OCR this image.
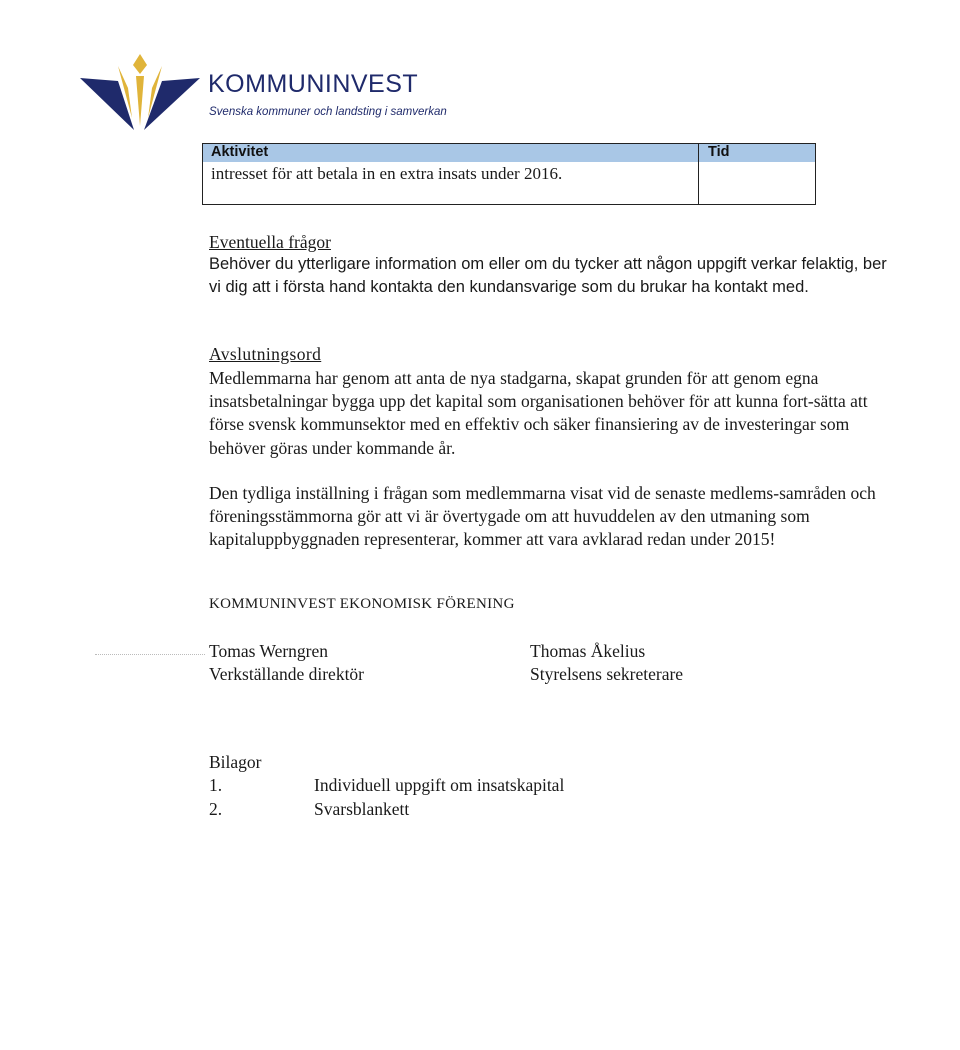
KOMMUNINVEST
Svenska kommuner och landsting i samverkan
Aktivitet	Tid
intresset för att betala in en extra insats under 2016.
Eventuella frågor
Behöver du ytterligare information om eller om du tycker att någon uppgift verkar felaktig, ber vi dig att i första hand kontakta den kundansvarige som du brukar ha kontakt med.
Avslutningsord
Medlemmarna har genom att anta de nya stadgarna, skapat grunden för att genom egna insatsbetalningar bygga upp det kapital som organisationen behöver för att kunna fort-sätta att förse svensk kommunsektor med en effektiv och säker finansiering av de investeringar som behöver göras under kommande år.
Den tydliga inställning i frågan som medlemmarna visat vid de senaste medlems-samråden och föreningsstämmorna gör att vi är övertygade om att huvuddelen av den utmaning som kapitaluppbyggnaden representerar, kommer att vara avklarad redan under 2015!
KOMMUNINVEST EKONOMISK FÖRENING
Tomas Werngren
Verkställande direktör
Thomas Åkelius
Styrelsens sekreterare
Bilagor
1.	Individuell uppgift om insatskapital
2.	Svarsblankett
